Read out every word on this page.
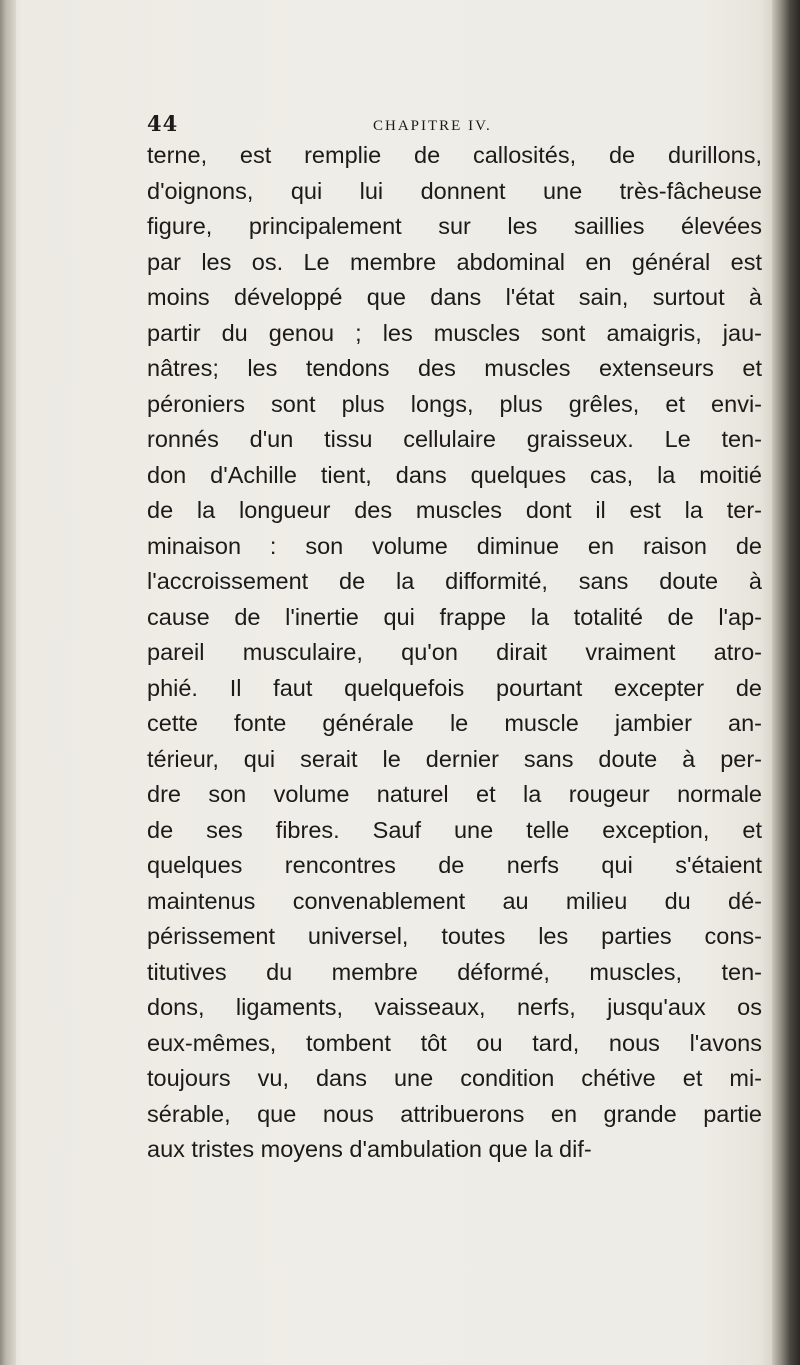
44	CHAPITRE IV.
terne, est remplie de callosités, de durillons,
d'oignons, qui lui donnent une très-fâcheuse
figure, principalement sur les saillies élevées
par les os. Le membre abdominal en général est
moins développé que dans l'état sain, surtout à
partir du genou ; les muscles sont amaigris, jau-
nâtres; les tendons des muscles extenseurs et
péroniers sont plus longs, plus grêles, et envi-
ronnés d'un tissu cellulaire graisseux. Le ten-
don d'Achille tient, dans quelques cas, la moitié
de la longueur des muscles dont il est la ter-
minaison : son volume diminue en raison de
l'accroissement de la difformité, sans doute à
cause de l'inertie qui frappe la totalité de l'ap-
pareil musculaire, qu'on dirait vraiment atro-
phié. Il faut quelquefois pourtant excepter de
cette fonte générale le muscle jambier an-
térieur, qui serait le dernier sans doute à per-
dre son volume naturel et la rougeur normale
de ses fibres. Sauf une telle exception, et
quelques rencontres de nerfs qui s'étaient
maintenus convenablement au milieu du dé-
périssement universel, toutes les parties cons-
titutives du membre déformé, muscles, ten-
dons, ligaments, vaisseaux, nerfs, jusqu'aux os
eux-mêmes, tombent tôt ou tard, nous l'avons
toujours vu, dans une condition chétive et mi-
sérable, que nous attribuerons en grande partie
aux tristes moyens d'ambulation que la dif-
